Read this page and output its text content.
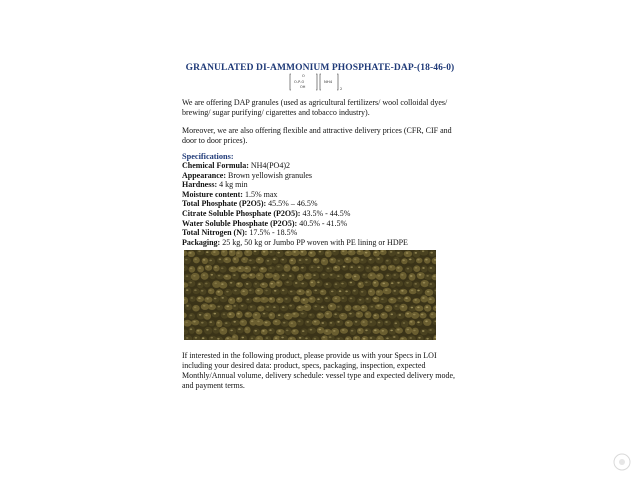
GRANULATED DI-AMMONIUM PHOSPHATE-DAP-(18-46-0)
O
O-P-O
OH
NH4
2
We are offering DAP granules (used as agricultural fertilizers/ wool colloidal dyes/ brewing/ sugar purifying/ cigarettes and tobacco industry).
Moreover, we are also offering flexible and attractive delivery prices (CFR, CIF and door to door prices).
Specifications:
Chemical Formula: NH4(PO4)2
Appearance: Brown yellowish granules
Hardness: 4 kg min
Moisture content: 1.5% max
Total Phosphate (P2O5): 45.5% – 46.5%
Citrate Soluble Phosphate (P2O5): 43.5% - 44.5%
Water Soluble Phosphate (P2O5): 40.5% - 41.5%
Total Nitrogen (N): 17.5% - 18.5%
Packaging: 25 kg, 50 kg or Jumbo PP woven with PE lining or HDPE
If interested in the following product, please provide us with your Specs in LOI including your desired data: product, specs, packaging, inspection, expected Monthly/Annual volume, delivery schedule: vessel type and expected delivery mode, and payment terms.
